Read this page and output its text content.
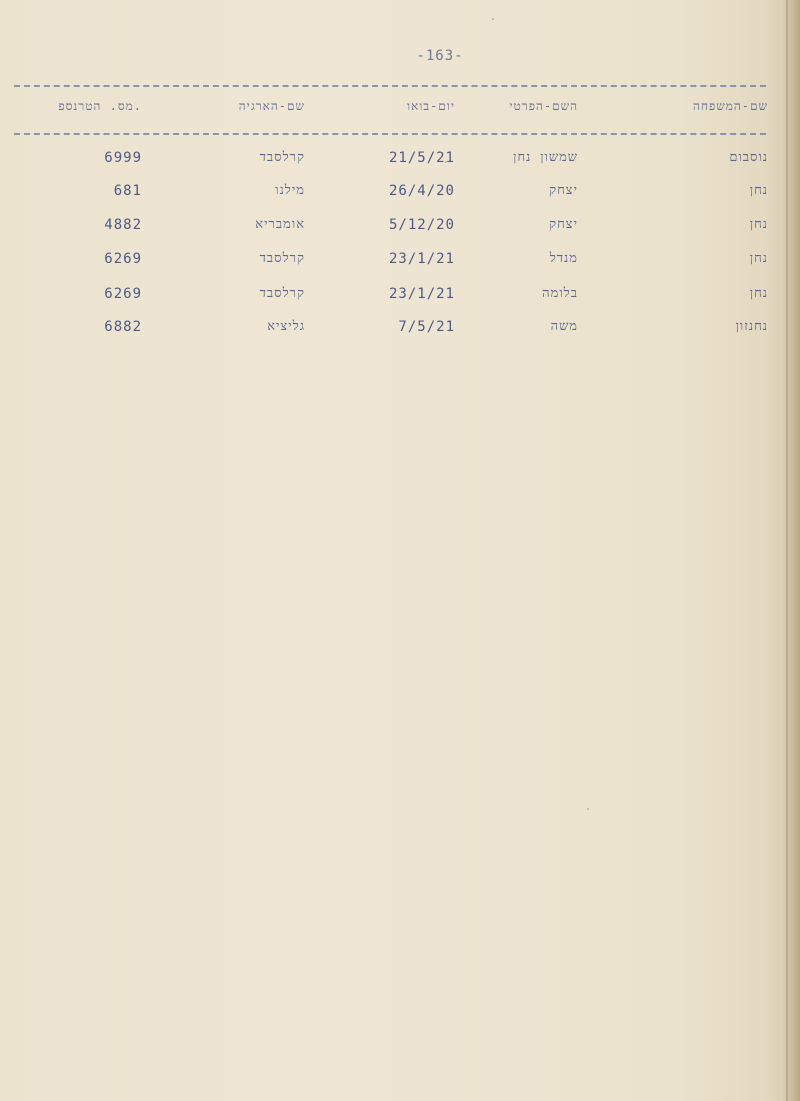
-163-
שם-המשפחה
השם-הפרטי
יום-בואו
שם-הארגיה
מס. הטרנספ.
נוסבום
שמשון נחן
21/5/21
קרלסבד
6999
נחן
יצחק
26/4/20
מילנו
681
נחן
יצחק
5/12/20
אומבריא
4882
נחן
מנדל
23/1/21
קרלסבד
6269
נחן
בלומה
23/1/21
קרלסבד
6269
נחנזון
משה
7/5/21
גליציא
6882
